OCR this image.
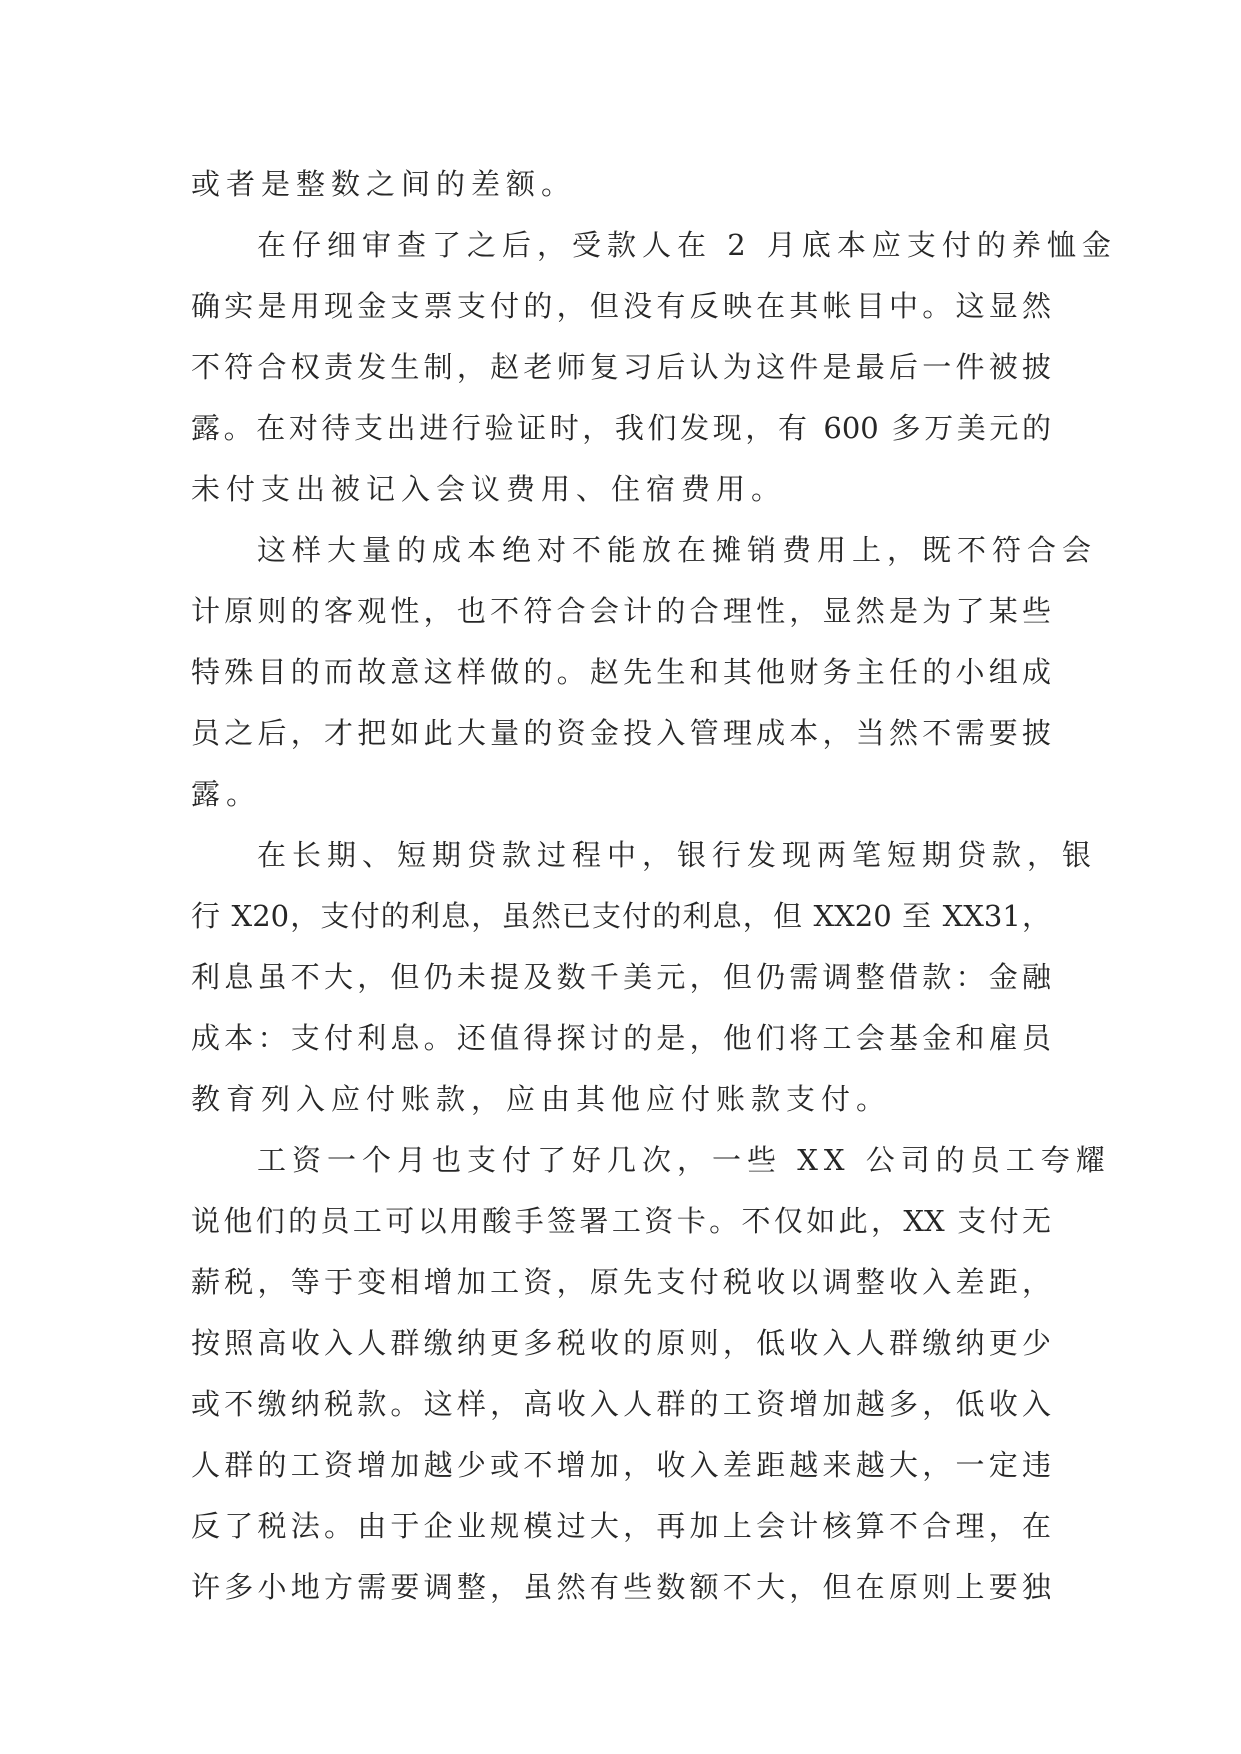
或者是整数之间的差额。
在仔细审查了之后，受款人在 2 月底本应支付的养恤金
确实是用现金支票支付的，但没有反映在其帐目中。这显然
不符合权责发生制，赵老师复习后认为这件是最后一件被披
露。在对待支出进行验证时，我们发现，有 600 多万美元的
未付支出被记入会议费用、住宿费用。
这样大量的成本绝对不能放在摊销费用上，既不符合会
计原则的客观性，也不符合会计的合理性，显然是为了某些
特殊目的而故意这样做的。赵先生和其他财务主任的小组成
员之后，才把如此大量的资金投入管理成本，当然不需要披
露。
在长期、短期贷款过程中，银行发现两笔短期贷款，银
行 X20，支付的利息，虽然已支付的利息，但 XX20 至 XX31，
利息虽不大，但仍未提及数千美元，但仍需调整借款：金融
成本：支付利息。还值得探讨的是，他们将工会基金和雇员
教育列入应付账款，应由其他应付账款支付。
工资一个月也支付了好几次，一些 XX 公司的员工夸耀
说他们的员工可以用酸手签署工资卡。不仅如此，XX 支付无
薪税，等于变相增加工资，原先支付税收以调整收入差距，
按照高收入人群缴纳更多税收的原则，低收入人群缴纳更少
或不缴纳税款。这样，高收入人群的工资增加越多，低收入
人群的工资增加越少或不增加，收入差距越来越大，一定违
反了税法。由于企业规模过大，再加上会计核算不合理，在
许多小地方需要调整，虽然有些数额不大，但在原则上要独
